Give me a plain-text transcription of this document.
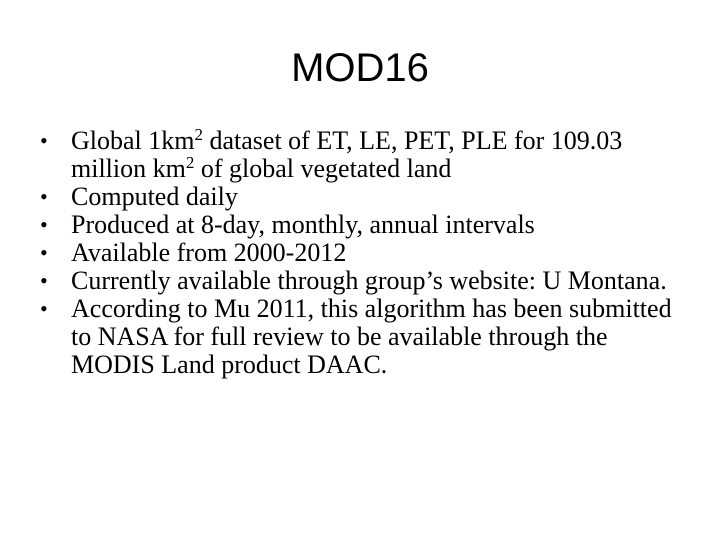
MOD16
• Global $1km^2$ dataset of ET, LE, PET, PLE for 109.03 million $km^2$ of global vegetated land
• Computed daily
• Produced at 8-day, monthly, annual intervals
• Available from 2000-2012
• Currently available through group’s website: U Montana.
• According to Mu 2011, this algorithm has been submitted to NASA for full review to be available through the MODIS Land product DAAC.
